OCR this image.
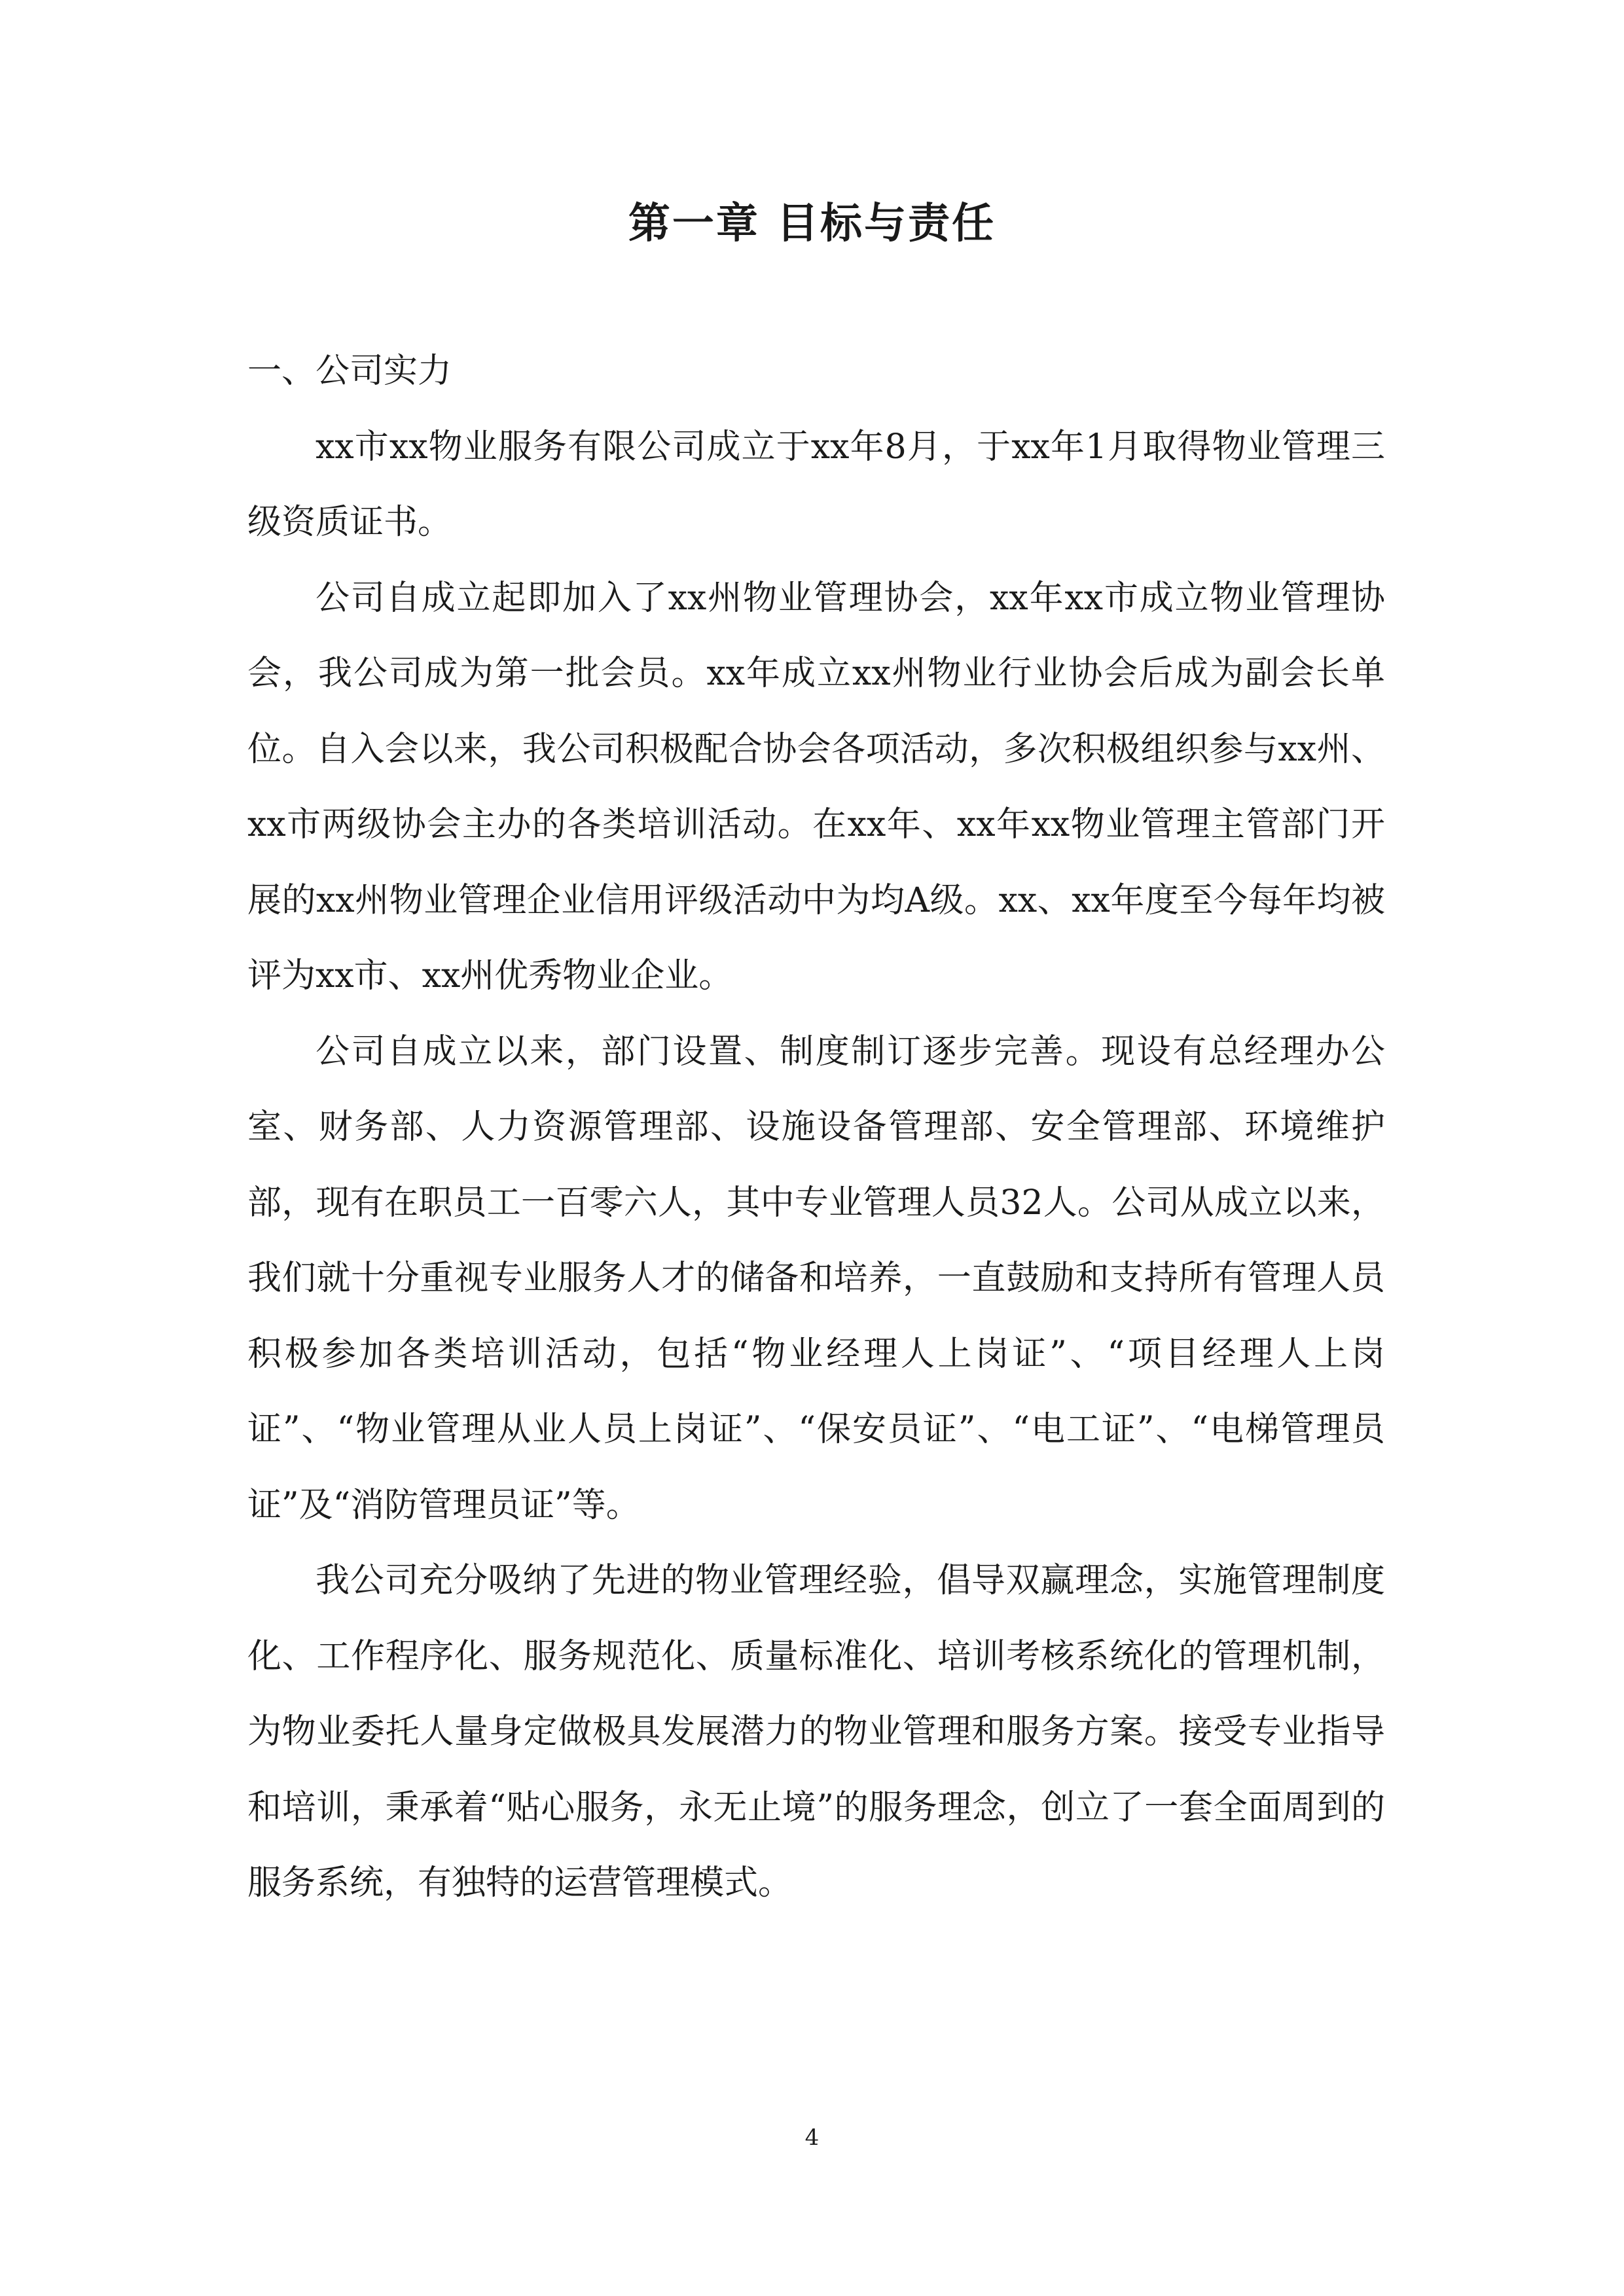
第一章 目标与责任
一、公司实力

xx市xx物业服务有限公司成立于xx年8月，于xx年1月取得物业管理三级资质证书。

公司自成立起即加入了xx州物业管理协会，xx年xx市成立物业管理协会，我公司成为第一批会员。xx年成立xx州物业行业协会后成为副会长单位。自入会以来，我公司积极配合协会各项活动，多次积极组织参与xx州、xx市两级协会主办的各类培训活动。在xx年、xx年xx物业管理主管部门开展的xx州物业管理企业信用评级活动中为均A级。xx、xx年度至今每年均被评为xx市、xx州优秀物业企业。

公司自成立以来，部门设置、制度制订逐步完善。现设有总经理办公室、财务部、人力资源管理部、设施设备管理部、安全管理部、环境维护部，现有在职员工一百零六人，其中专业管理人员32人。公司从成立以来，我们就十分重视专业服务人才的储备和培养，一直鼓励和支持所有管理人员积极参加各类培训活动，包括“物业经理人上岗证”、“项目经理人上岗证”、“物业管理从业人员上岗证”、“保安员证”、“电工证”、“电梯管理员证”及“消防管理员证”等。

我公司充分吸纳了先进的物业管理经验，倡导双赢理念，实施管理制度化、工作程序化、服务规范化、质量标准化、培训考核系统化的管理机制，为物业委托人量身定做极具发展潜力的物业管理和服务方案。接受专业指导和培训，秉承着“贴心服务，永无止境”的服务理念，创立了一套全面周到的服务系统，有独特的运营管理模式。

4
